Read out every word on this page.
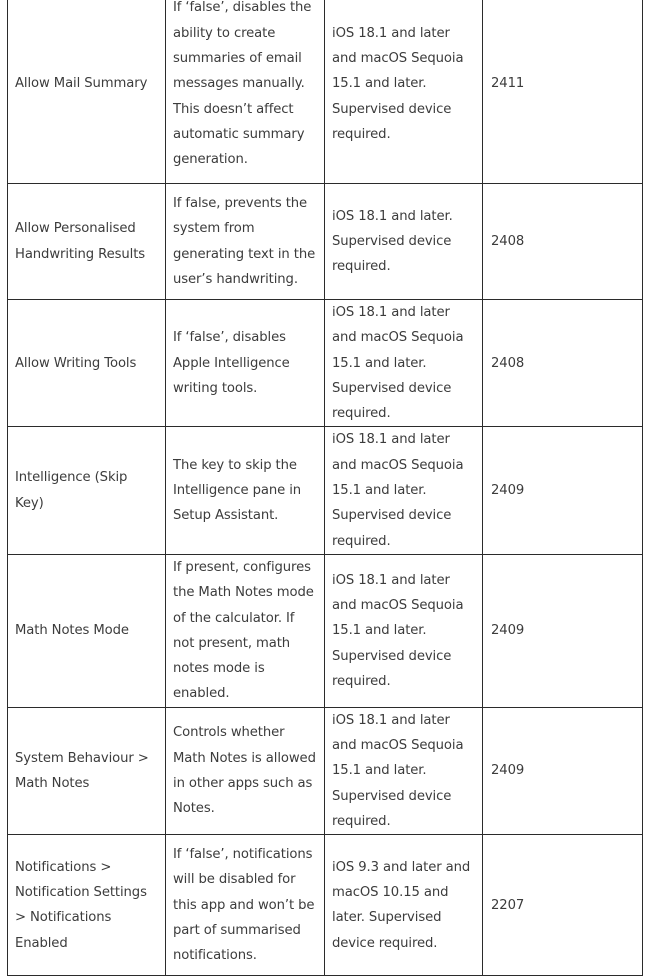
Allow Mail Summary	If ‘false’, disables the ability to create summaries of email messages manually. This doesn’t affect automatic summary generation.	iOS 18.1 and later and macOS Sequoia 15.1 and later. Supervised device required.	2411
Allow Personalised Handwriting Results	If false, prevents the system from generating text in the user’s handwriting.	iOS 18.1 and later. Supervised device required.	2408
Allow Writing Tools	If ‘false’, disables Apple Intelligence writing tools.	iOS 18.1 and later and macOS Sequoia 15.1 and later. Supervised device required.	2408
Intelligence (Skip Key)	The key to skip the Intelligence pane in Setup Assistant.	iOS 18.1 and later and macOS Sequoia 15.1 and later. Supervised device required.	2409
Math Notes Mode	If present, configures the Math Notes mode of the calculator. If not present, math notes mode is enabled.	iOS 18.1 and later and macOS Sequoia 15.1 and later. Supervised device required.	2409
System Behaviour > Math Notes	Controls whether Math Notes is allowed in other apps such as Notes.	iOS 18.1 and later and macOS Sequoia 15.1 and later. Supervised device required.	2409
Notifications > Notification Settings > Notifications Enabled	If ‘false’, notifications will be disabled for this app and won’t be part of summarised notifications.	iOS 9.3 and later and macOS 10.15 and later. Supervised device required.	2207
